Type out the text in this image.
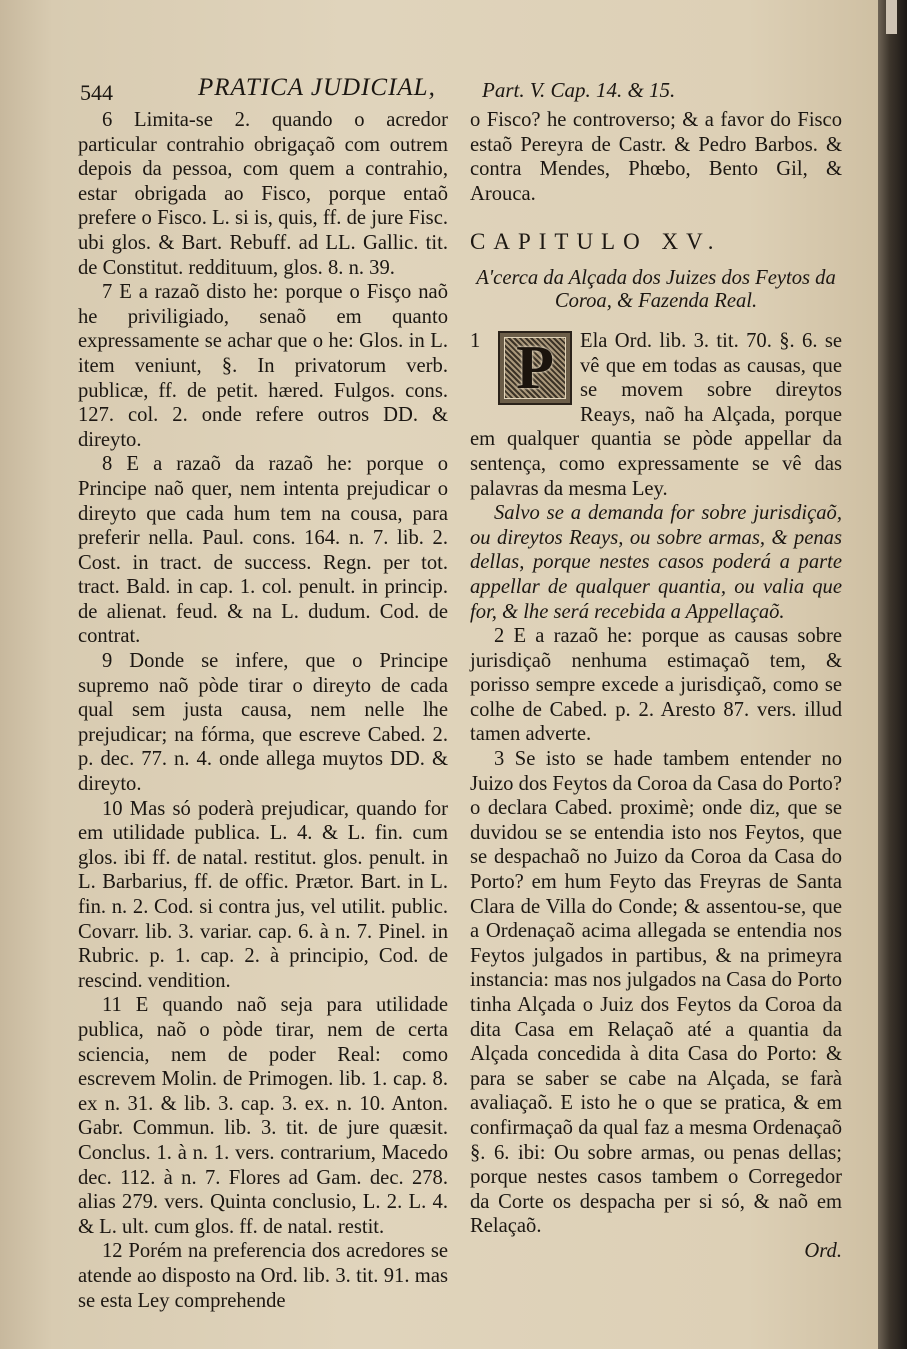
544	PRATICA JUDICIAL, Part. V. Cap. 14. & 15.

6 Limita-se 2. quando o acredor particular contrahio obrigaçaõ com outrem depois da pessoa, com quem a contrahio, estar obrigada ao Fisco, porque entaõ prefere o Fisco. L. si is, quis, ff. de jure Fisc. ubi glos. & Bart. Rebuff. ad LL. Gallic. tit. de Constitut. reddituum, glos. 8. n. 39.

7 E a razaõ disto he: porque o Fisço naõ he priviligiado, senaõ em quanto expressamente se achar que o he: Glos. in L. item veniunt, §. In privatorum verb. publicæ, ff. de petit. hæred. Fulgos. cons. 127. col. 2. onde refere outros DD. & direyto.

8 E a razaõ da razaõ he: porque o Principe naõ quer, nem intenta prejudicar o direyto que cada hum tem na cousa, para preferir nella. Paul. cons. 164. n. 7. lib. 2. Cost. in tract. de success. Regn. per tot. tract. Bald. in cap. 1. col. penult. in princip. de alienat. feud. & na L. dudum. Cod. de contrat.

9 Donde se infere, que o Principe supremo naõ pòde tirar o direyto de cada qual sem justa causa, nem nelle lhe prejudicar; na fórma, que escreve Cabed. 2. p. dec. 77. n. 4. onde allega muytos DD. & direyto.

10 Mas só poderà prejudicar, quando for em utilidade publica. L. 4. & L. fin. cum glos. ibi ff. de natal. restitut. glos. penult. in L. Barbarius, ff. de offic. Prætor. Bart. in L. fin. n. 2. Cod. si contra jus, vel utilit. public. Covarr. lib. 3. variar. cap. 6. à n. 7. Pinel. in Rubric. p. 1. cap. 2. à principio, Cod. de rescind. vendition.

11 E quando naõ seja para utilidade publica, naõ o pòde tirar, nem de certa sciencia, nem de poder Real: como escrevem Molin. de Primogen. lib. 1. cap. 8. ex n. 31. & lib. 3. cap. 3. ex. n. 10. Anton. Gabr. Commun. lib. 3. tit. de jure quæsit. Conclus. 1. à n. 1. vers. contrarium, Macedo dec. 112. à n. 7. Flores ad Gam. dec. 278. alias 279. vers. Quinta conclusio, L. 2. L. 4. & L. ult. cum glos. ff. de natal. restit.

12 Porém na preferencia dos acredores se atende ao disposto na Ord. lib. 3. tit. 91. mas se esta Ley comprehende

o Fisco? he controverso; & a favor do Fisco estaõ Pereyra de Castr. & Pedro Barbos. & contra Mendes, Phœbo, Bento Gil, & Arouca.

CAPITULO XV.

A'cerca da Alçada dos Juizes dos Feytos da Coroa, & Fazenda Real.

1 P	Ela Ord. lib. 3. tit. 70. §. 6. se vê que em todas as causas, que se movem sobre direytos Reays, naõ ha Alçada, porque em qualquer quantia se pòde appellar da sentença, como expressamente se vê das palavras da mesma Ley.

Salvo se a demanda for sobre jurisdiçaõ, ou direytos Reays, ou sobre armas, & penas dellas, porque nestes casos poderá a parte appellar de qualquer quantia, ou valia que for, & lhe será recebida a Appellaçaõ.

2 E a razaõ he: porque as causas sobre jurisdiçaõ nenhuma estimaçaõ tem, & porisso sempre excede a jurisdiçaõ, como se colhe de Cabed. p. 2. Aresto 87. vers. illud tamen advertе.

3 Se isto se hade tambem entender no Juizo dos Feytos da Coroa da Casa do Porto? o declara Cabed. proximè; onde diz, que se duvidou se se entendia isto nos Feytos, que se despachaõ no Juizo da Coroa da Casa do Porto? em hum Feyto das Freyras de Santa Clara de Villa do Conde; & assentou-se, que a Ordenaçaõ acima allegada se entendia nos Feytos julgados in partibus, & na primeyra instancia: mas nos julgados na Casa do Porto tinha Alçada o Juiz dos Feytos da Coroa da dita Casa em Relaçaõ até a quantia da Alçada concedida à dita Casa do Porto: & para se saber se cabe na Alçada, se farà avaliaçaõ. E isto he o que se pratica, & em confirmaçaõ da qual faz a mesma Ordenaçaõ §. 6. ibi: Ou sobre armas, ou penas dellas; porque nestes casos tambem o Corregedor da Corte os despacha per si só, & naõ em Relaçaõ.

Ord.
